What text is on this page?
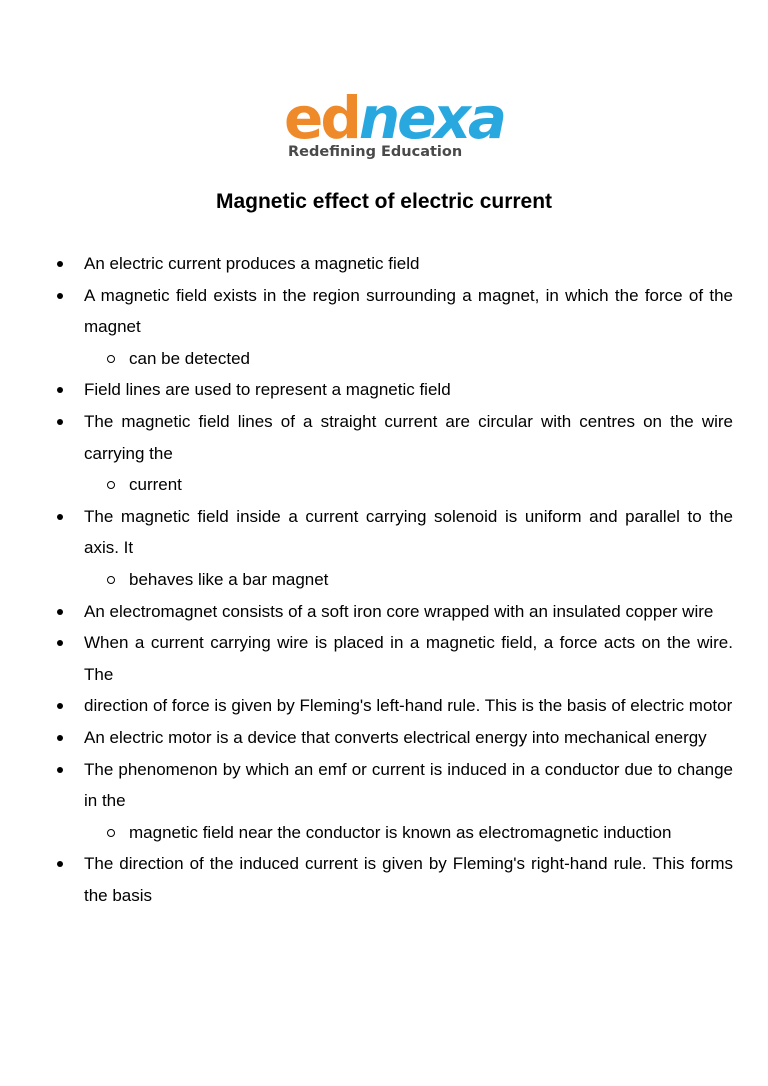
ednexa
Redefining Education
Magnetic effect of electric current
An electric current produces a magnetic field
A magnetic field exists in the region surrounding a magnet, in which the force of the magnet
can be detected
Field lines are used to represent a magnetic field
The magnetic field lines of a straight current are circular with centres on the wire carrying the
current
The magnetic field inside a current carrying solenoid is uniform and parallel to the axis. It
behaves like a bar magnet
An electromagnet consists of a soft iron core wrapped with an insulated copper wire
When a current carrying wire is placed in a magnetic field, a force acts on the wire. The
direction of force is given by Fleming's left-hand rule. This is the basis of electric motor
An electric motor is a device that converts electrical energy into mechanical energy
The phenomenon by which an emf or current is induced in a conductor due to change in the
magnetic field near the conductor is known as electromagnetic induction
The direction of the induced current is given by Fleming's right-hand rule. This forms the basis
